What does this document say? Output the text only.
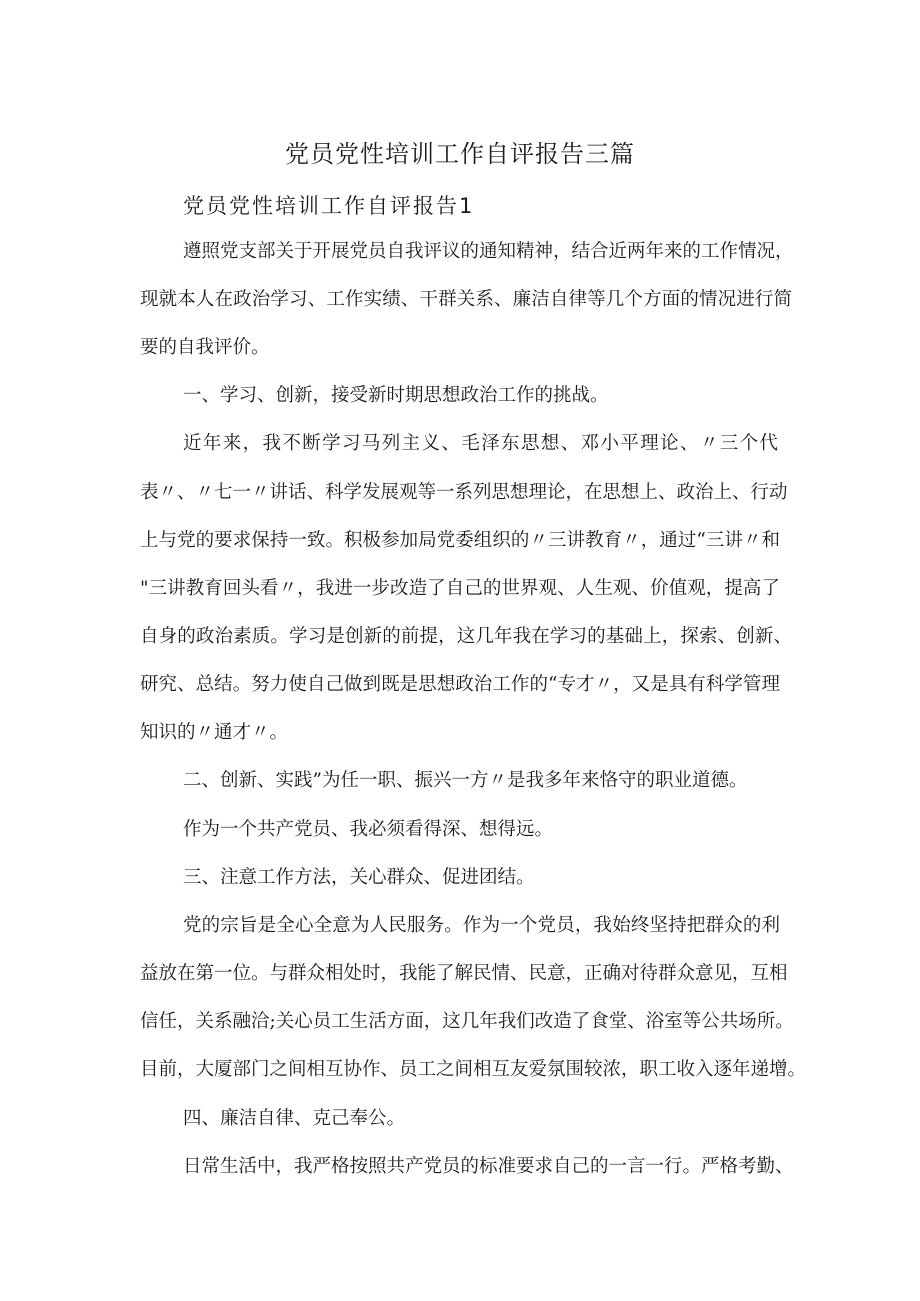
党员党性培训工作自评报告三篇
党员党性培训工作自评报告1
遵照党支部关于开展党员自我评议的通知精神，结合近两年来的工作情况，
现就本人在政治学习、工作实绩、干群关系、廉洁自律等几个方面的情况进行简
要的自我评价。
一、学习、创新，接受新时期思想政治工作的挑战。
近年来，我不断学习马列主义、毛泽东思想、邓小平理论、〃三个代
表〃、〃七一〃讲话、科学发展观等一系列思想理论，在思想上、政治上、行动
上与党的要求保持一致。积极参加局党委组织的〃三讲教育〃，通过“三讲〃和
"三讲教育回头看〃，我进一步改造了自己的世界观、人生观、价值观，提高了
自身的政治素质。学习是创新的前提，这几年我在学习的基础上，探索、创新、
研究、总结。努力使自己做到既是思想政治工作的“专才〃，又是具有科学管理
知识的〃通才〃。
二、创新、实践”为任一职、振兴一方〃是我多年来恪守的职业道德。
作为一个共产党员、我必须看得深、想得远。
三、注意工作方法，关心群众、促进团结。
党的宗旨是全心全意为人民服务。作为一个党员，我始终坚持把群众的利
益放在第一位。与群众相处时，我能了解民情、民意，正确对待群众意见，互相
信任，关系融洽;关心员工生活方面，这几年我们改造了食堂、浴室等公共场所。
目前，大厦部门之间相互协作、员工之间相互友爱氛围较浓，职工收入逐年递增。
四、廉洁自律、克己奉公。
日常生活中，我严格按照共产党员的标准要求自己的一言一行。严格考勤、
